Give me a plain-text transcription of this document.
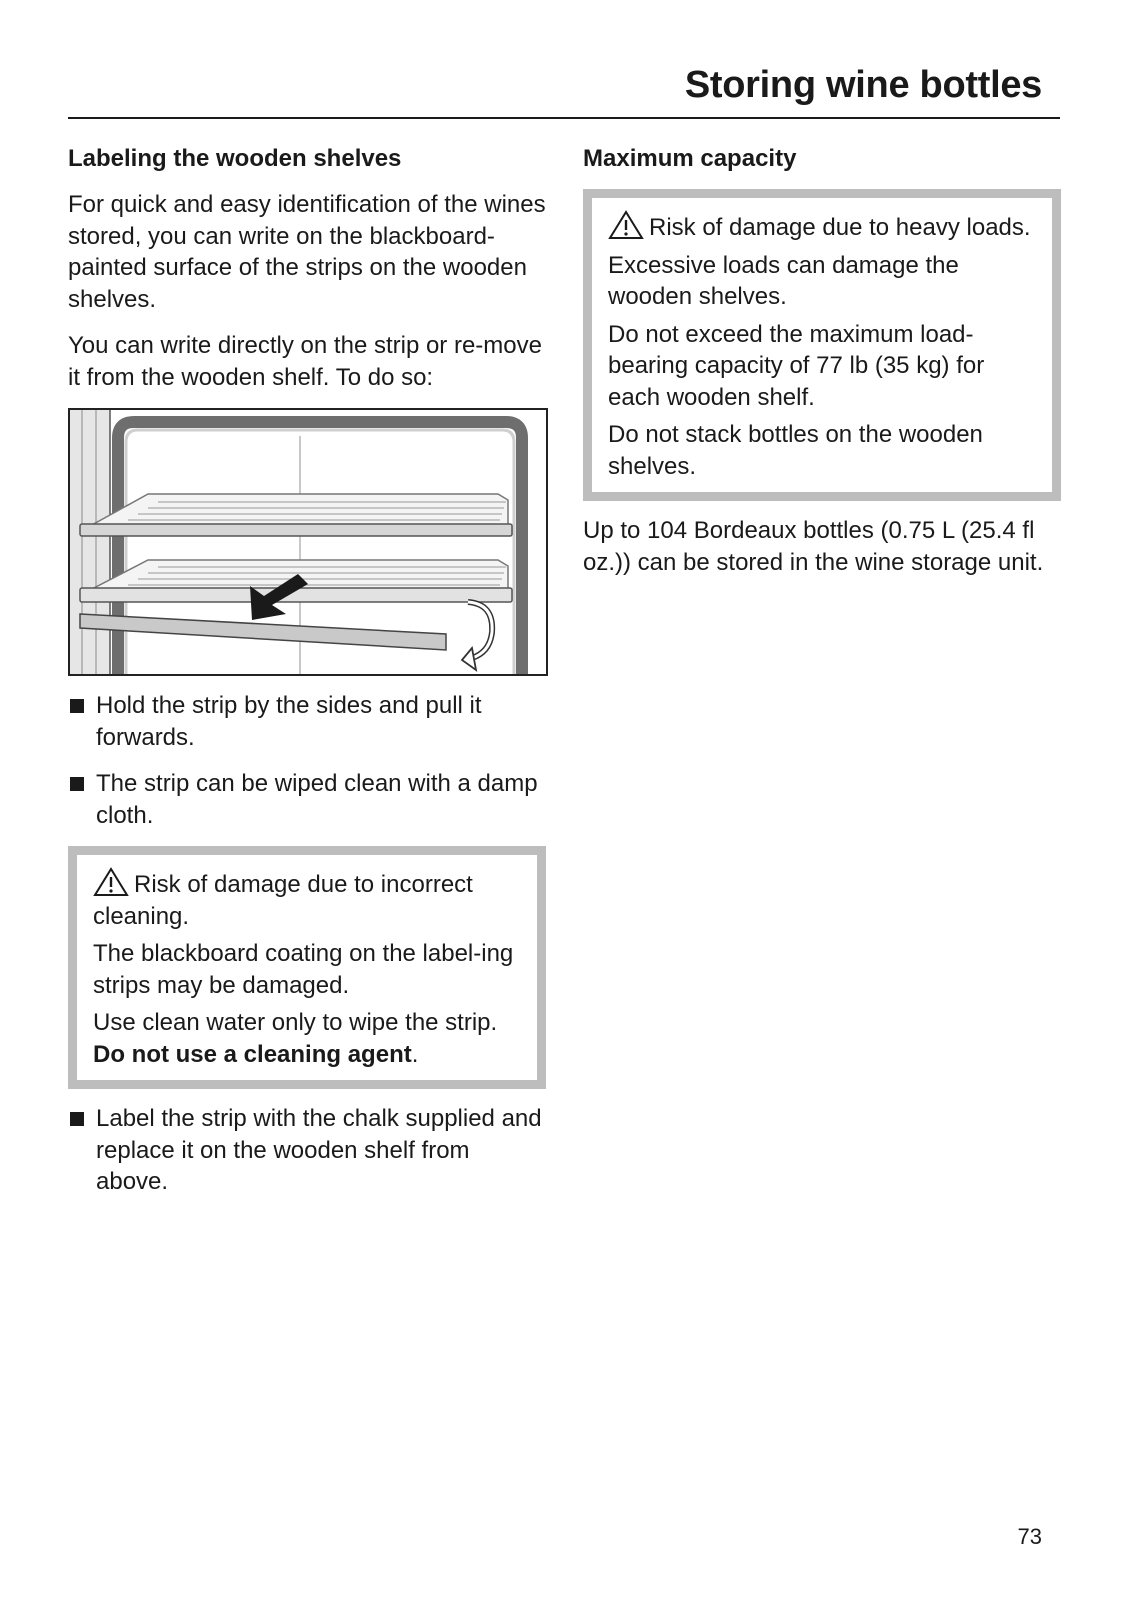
Storing wine bottles
Labeling the wooden shelves

For quick and easy identification of the wines stored, you can write on the blackboard-painted surface of the strips on the wooden shelves.

You can write directly on the strip or re-move it from the wooden shelf. To do so:

Hold the strip by the sides and pull it forwards.
The strip can be wiped clean with a damp cloth.

Risk of damage due to incorrect cleaning.

The blackboard coating on the label-ing strips may be damaged.

Use clean water only to wipe the strip. Do not use a cleaning agent.

Label the strip with the chalk supplied and replace it on the wooden shelf from above.
Maximum capacity

Risk of damage due to heavy loads.

Excessive loads can damage the wooden shelves.

Do not exceed the maximum load-bearing capacity of 77 lb (35 kg) for each wooden shelf.

Do not stack bottles on the wooden shelves.

Up to 104 Bordeaux bottles (0.75 L (25.4 fl oz.)) can be stored in the wine storage unit.

73
